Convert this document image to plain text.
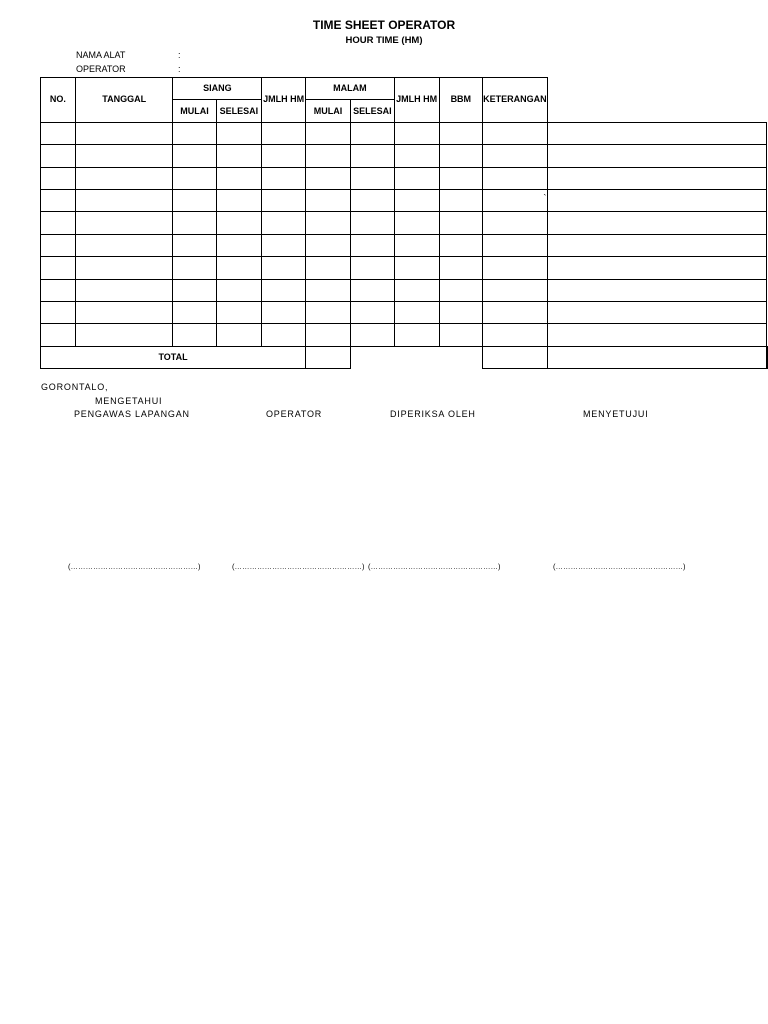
TIME SHEET OPERATOR
HOUR TIME (HM)
NAMA ALAT	:
OPERATOR	:
NO.	TANGGAL	SIANG		JMLH HM	MALAM		JMLH HM	BBM	KETERANGAN		
		MULAI	SELESAI		MULAI	SELESAI					

										`	

TOTAL											
GORONTALO,
MENGETAHUI
PENGAWAS LAPANGAN	OPERATOR	DIPERIKSA OLEH	MENYETUJUI
(……………………………………………)	(……………………………………………) (……………………………………………)	(……………………………………………)
